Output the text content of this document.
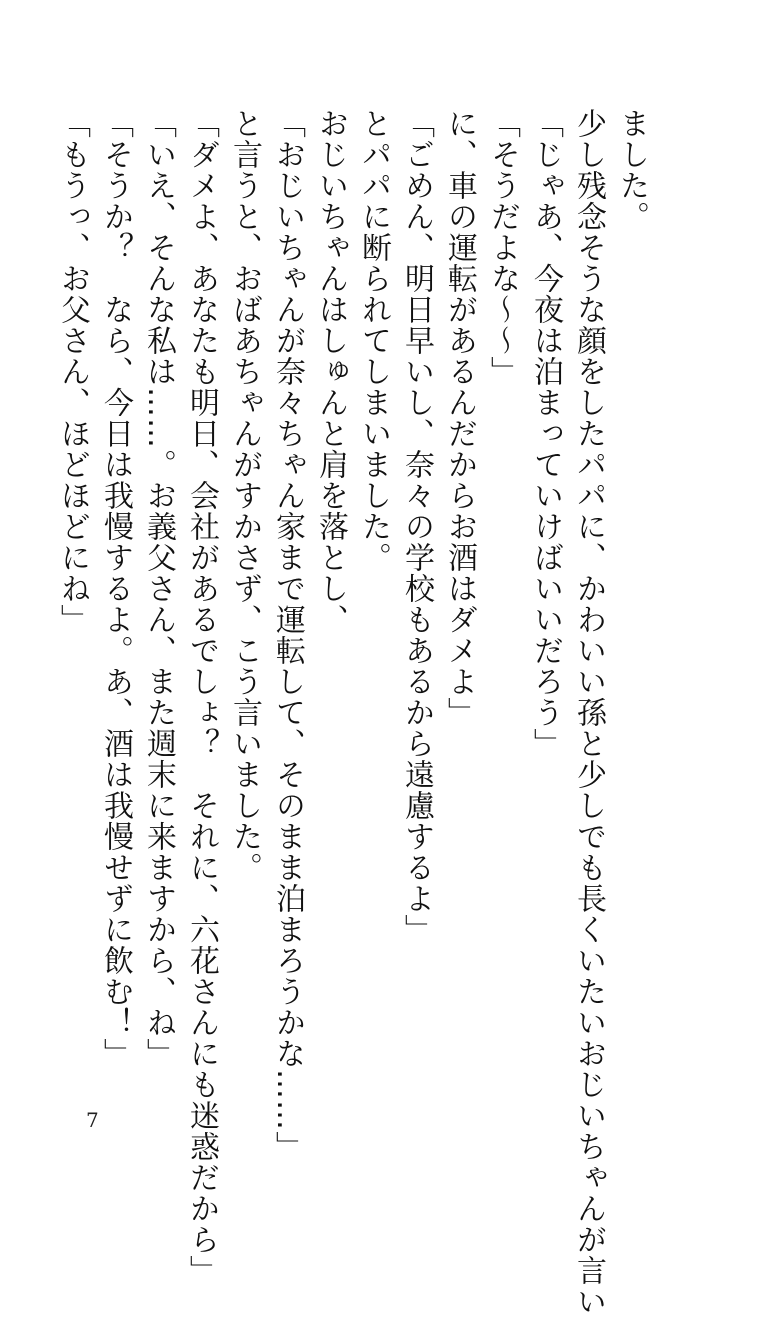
ました。
少し残念そうな顔をしたパパに、かわいい孫と少しでも長くいたいおじいちゃんが言い
「じゃあ、今夜は泊まっていけばいいだろう」
「そうだよな〜〜」
に、車の運転があるんだからお酒はダメよ」
「ごめん、明日早いし、奈々の学校もあるから遠慮するよ」
とパパに断られてしまいました。
おじいちゃんはしゅんと肩を落とし、
「おじいちゃんが奈々ちゃん家まで運転して、そのまま泊まろうかな……」
と言うと、おばあちゃんがすかさず、こう言いました。
「ダメよ、あなたも明日、会社があるでしょ？　それに、六花さんにも迷惑だから」
「いえ、そんな私は……。お義父さん、また週末に来ますから、ね」
「そうか？　なら、今日は我慢するよ。あ、酒は我慢せずに飲む！」
「もうっ、お父さん、ほどほどにね」
7
